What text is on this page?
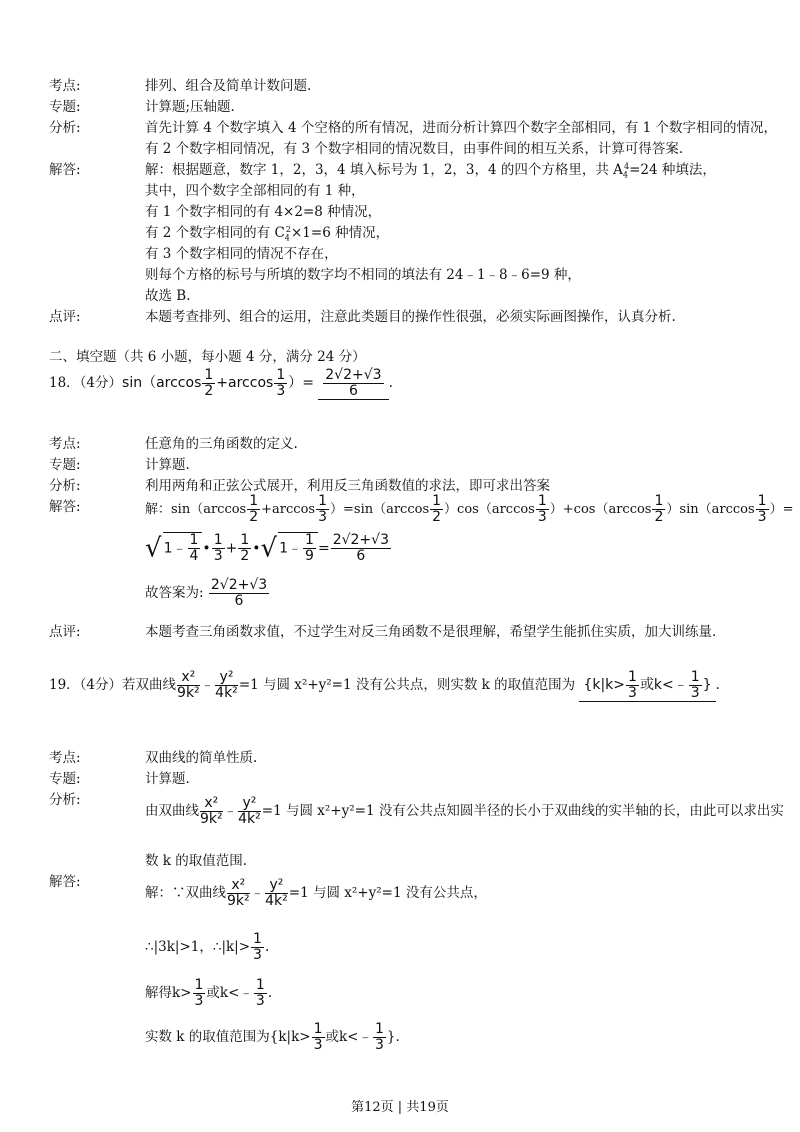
考点:	排列、组合及简单计数问题.
专题:	计算题;压轴题.
分析:	首先计算 4 个数字填入 4 个空格的所有情况，进而分析计算四个数字全部相同，有 1 个数字相同的情况，
有 2 个数字相同情况，有 3 个数字相同的情况数目，由事件间的相互关系，计算可得答案.
解答:	解：根据题意，数字 1，2，3，4 填入标号为 1，2，3，4 的四个方格里，共 $A_4^4=24$ 种填法，
其中，四个数字全部相同的有 1 种，
有 1 个数字相同的有 4×2=8 种情况，
有 2 个数字相同的有 $C_4^2\times 1=6$ 种情况，
有 3 个数字相同的情况不存在，
则每个方格的标号与所填的数字均不相同的填法有 24﹣1﹣8﹣6=9 种，
故选 B.
点评:	本题考查排列、组合的运用，注意此类题目的操作性很强，必须实际画图操作，认真分析.
二、填空题（共 6 小题，每小题 4 分，满分 24 分）
18．（4分）$\sin(\arccos \frac{1}{2} +\arccos \frac{1}{3}$ ）= $\frac{2√2+√3}{6}$ .
考点:	任意角的三角函数的定义.
专题:	计算题.
分析:	利用两角和正弦公式展开，利用反三角函数值的求法，即可求出答案
解答:	解：$\sin(\arccos \frac{1}{2} +\arccos \frac{1}{3} )=\sin(\arccos \frac{1}{2} )\cos(\arccos \frac{1}{3} )+\cos(\arccos \frac{1}{2} )\sin(\arccos \frac{1}{3}$ ）=
√ 1﹣ $\frac{1}{4}$ • $\frac{1}{3} + \frac{1}{2}$ •√ 1﹣ $\frac{1}{9} = \frac{2√2+√3}{6}$
故答案为: $\frac{2√2+√3}{6}$
点评:	本题考查三角函数求值，不过学生对反三角函数不是很理解，希望学生能抓住实质，加大训练量.
19．（4分）若双曲线 $\frac{\text{x²}}{\text{9k²}}$ ﹣ $\frac{\text{y²}}{\text{4k²}} =1$ 与圆 x²+y²=1 没有公共点，则实数 k 的取值范围为 {$k|k> \frac{1}{3}$ 或k<﹣ $\frac{1}{3}$ } .
考点:	双曲线的简单性质.
专题:	计算题.
分析:
由双曲线 $\frac{\text{x²}}{\text{9k²}}$ ﹣ $\frac{\text{y²}}{\text{4k²}} =1$ 与圆 x²+y²=1 没有公共点知圆半径的长小于双曲线的实半轴的长，由此可以求出实
数 k 的取值范围.
解答:
解：∵双曲线 $\frac{\text{x²}}{\text{9k²}}$ ﹣ $\frac{\text{y²}}{\text{4k²}} =1$ 与圆 x²+y²=1 没有公共点，
∴|3k|>1，∴|k|> $\frac{1}{3}$ .
解得$k> \frac{1}{3}$ 或k<﹣ $\frac{1}{3}$ .
实数 k 的取值范围为{$k|k> \frac{1}{3}$ 或k<﹣ $\frac{1}{3}$ }.
第12页 | 共19页
